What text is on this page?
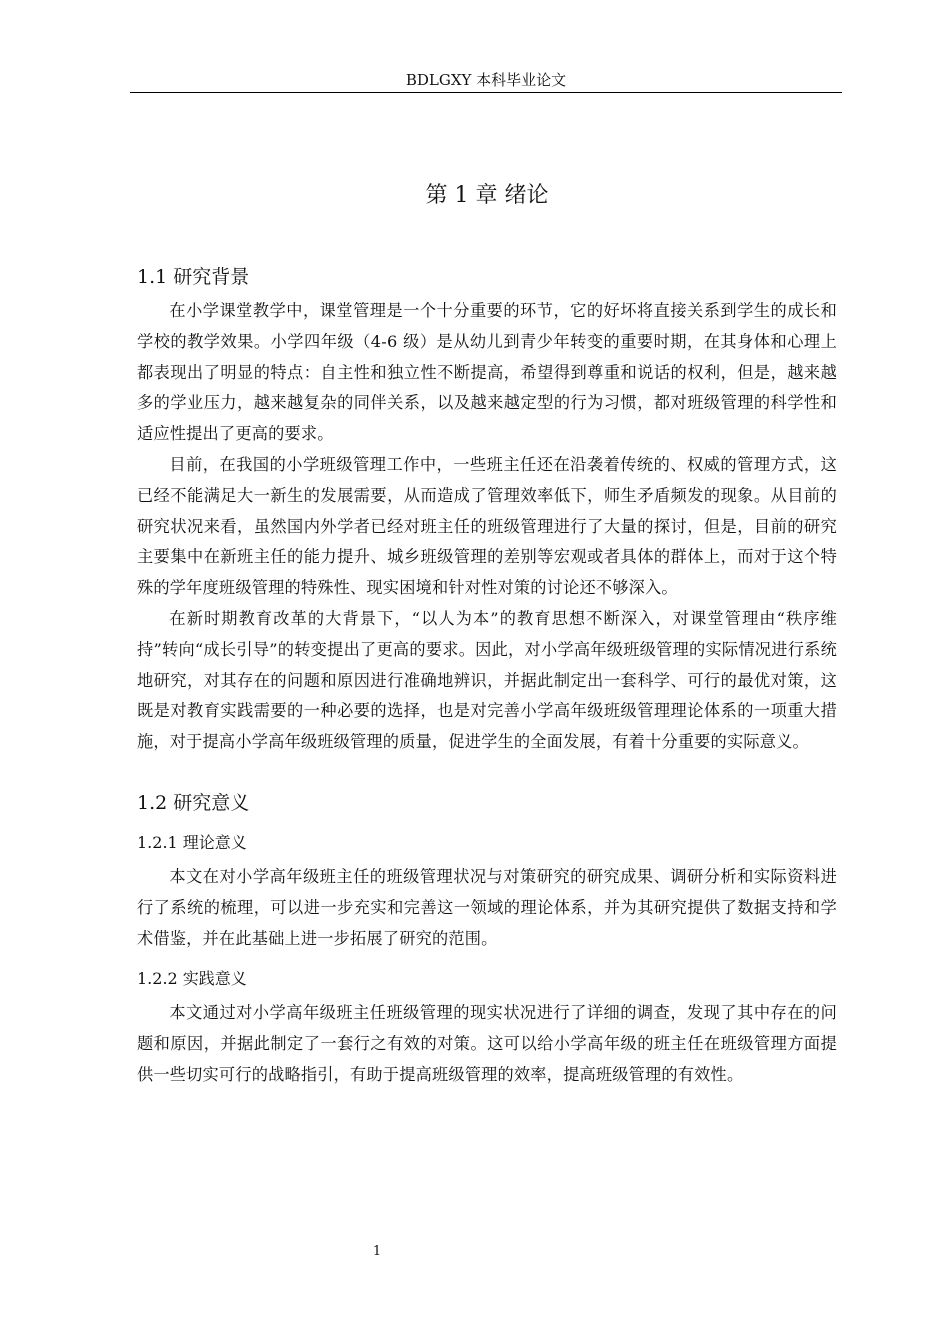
BDLGXY 本科毕业论文
第 1 章 绪论
1.1 研究背景

在小学课堂教学中，课堂管理是一个十分重要的环节，它的好坏将直接关系到学生的成长和学校的教学效果。小学四年级（4-6 级）是从幼儿到青少年转变的重要时期，在其身体和心理上都表现出了明显的特点：自主性和独立性不断提高，希望得到尊重和说话的权利，但是，越来越多的学业压力，越来越复杂的同伴关系，以及越来越定型的行为习惯，都对班级管理的科学性和适应性提出了更高的要求。

目前，在我国的小学班级管理工作中，一些班主任还在沿袭着传统的、权威的管理方式，这已经不能满足大一新生的发展需要，从而造成了管理效率低下，师生矛盾频发的现象。从目前的研究状况来看，虽然国内外学者已经对班主任的班级管理进行了大量的探讨，但是，目前的研究主要集中在新班主任的能力提升、城乡班级管理的差别等宏观或者具体的群体上，而对于这个特殊的学年度班级管理的特殊性、现实困境和针对性对策的讨论还不够深入。

在新时期教育改革的大背景下，“以人为本”的教育思想不断深入，对课堂管理由“秩序维持”转向“成长引导”的转变提出了更高的要求。因此，对小学高年级班级管理的实际情况进行系统地研究，对其存在的问题和原因进行准确地辨识，并据此制定出一套科学、可行的最优对策，这既是对教育实践需要的一种必要的选择，也是对完善小学高年级班级管理理论体系的一项重大措施，对于提高小学高年级班级管理的质量，促进学生的全面发展，有着十分重要的实际意义。

1.2 研究意义
1.2.1 理论意义

本文在对小学高年级班主任的班级管理状况与对策研究的研究成果、调研分析和实际资料进行了系统的梳理，可以进一步充实和完善这一领域的理论体系，并为其研究提供了数据支持和学术借鉴，并在此基础上进一步拓展了研究的范围。

1.2.2 实践意义

本文通过对小学高年级班主任班级管理的现实状况进行了详细的调查，发现了其中存在的问题和原因，并据此制定了一套行之有效的对策。这可以给小学高年级的班主任在班级管理方面提供一些切实可行的战略指引，有助于提高班级管理的效率，提高班级管理的有效性。

1
